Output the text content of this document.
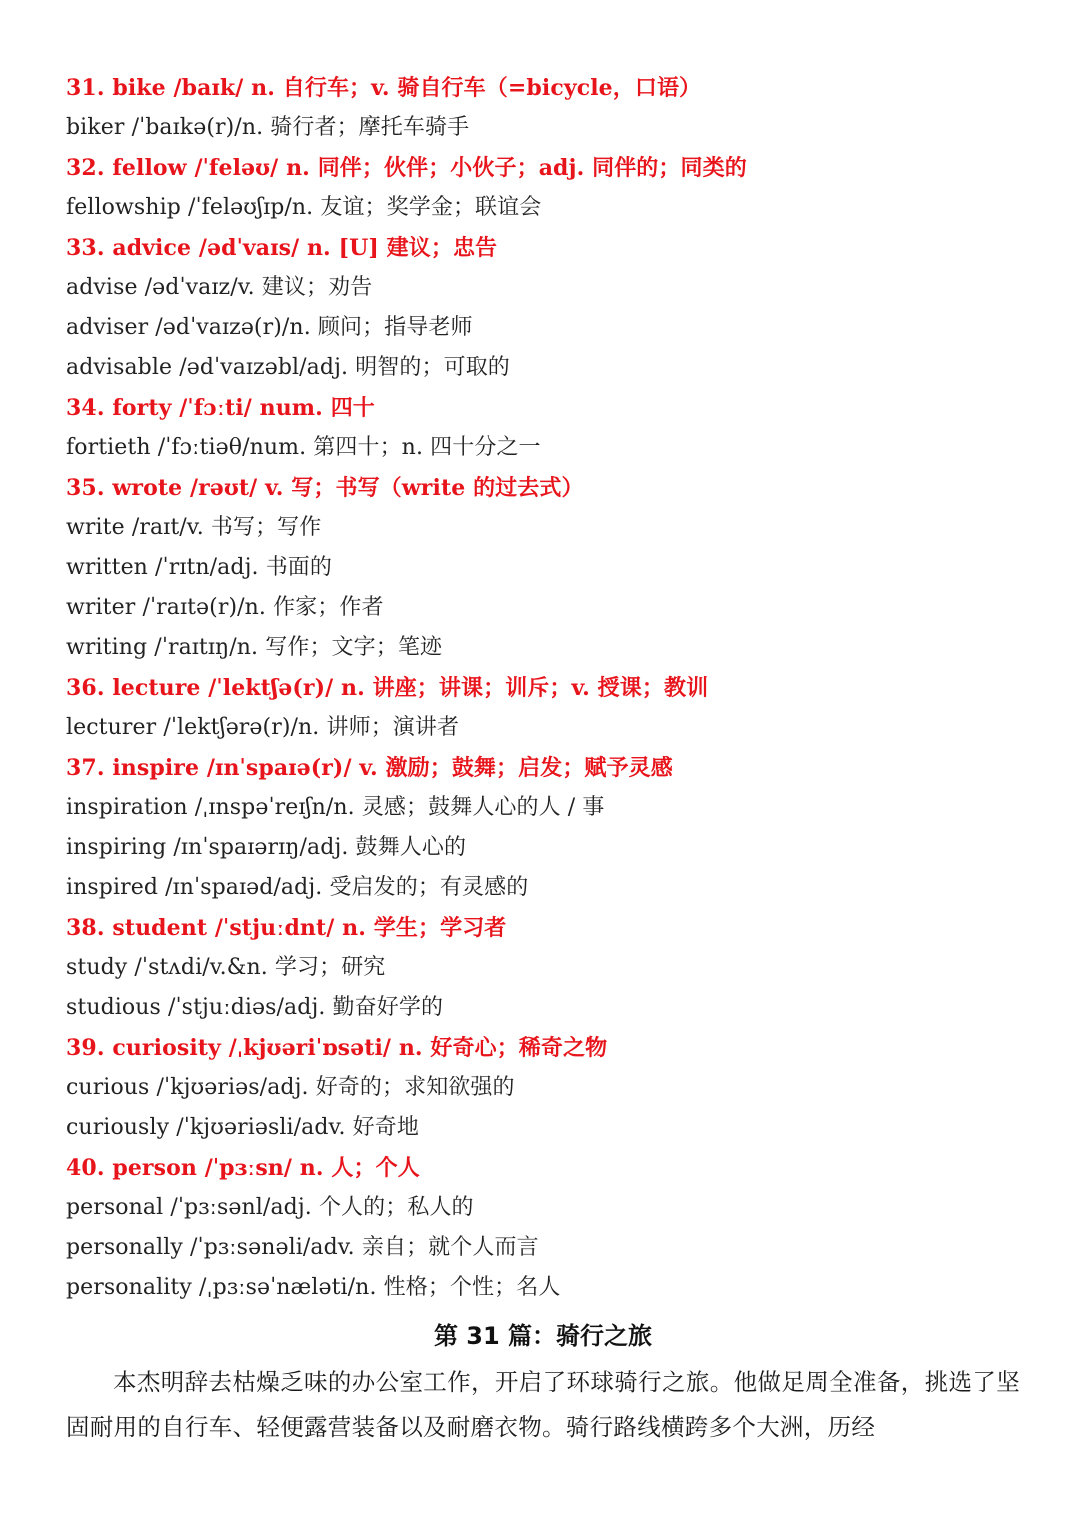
31. bike /baɪk/ n. 自行车；v. 骑自行车（=bicycle，口语）
biker /ˈbaɪkə(r)/n. 骑行者；摩托车骑手
32. fellow /ˈfeləʊ/ n. 同伴；伙伴；小伙子；adj. 同伴的；同类的
fellowship /ˈfeləʊʃɪp/n. 友谊；奖学金；联谊会
33. advice /ədˈvaɪs/ n. [U] 建议；忠告
advise /ədˈvaɪz/v. 建议；劝告
adviser /ədˈvaɪzə(r)/n. 顾问；指导老师
advisable /ədˈvaɪzəbl/adj. 明智的；可取的
34. forty /ˈfɔːti/ num. 四十
fortieth /ˈfɔːtiəθ/num. 第四十；n. 四十分之一
35. wrote /rəʊt/ v. 写；书写（write 的过去式）
write /raɪt/v. 书写；写作
written /ˈrɪtn/adj. 书面的
writer /ˈraɪtə(r)/n. 作家；作者
writing /ˈraɪtɪŋ/n. 写作；文字；笔迹
36. lecture /ˈlektʃə(r)/ n. 讲座；讲课；训斥；v. 授课；教训
lecturer /ˈlektʃərə(r)/n. 讲师；演讲者
37. inspire /ɪnˈspaɪə(r)/ v. 激励；鼓舞；启发；赋予灵感
inspiration /ˌɪnspəˈreɪʃn/n. 灵感；鼓舞人心的人 / 事
inspiring /ɪnˈspaɪərɪŋ/adj. 鼓舞人心的
inspired /ɪnˈspaɪəd/adj. 受启发的；有灵感的
38. student /ˈstjuːdnt/ n. 学生；学习者
study /ˈstʌdi/v.&n. 学习；研究
studious /ˈstjuːdiəs/adj. 勤奋好学的
39. curiosity /ˌkjʊəriˈɒsəti/ n. 好奇心；稀奇之物
curious /ˈkjʊəriəs/adj. 好奇的；求知欲强的
curiously /ˈkjʊəriəsli/adv. 好奇地
40. person /ˈpɜːsn/ n. 人；个人
personal /ˈpɜːsənl/adj. 个人的；私人的
personally /ˈpɜːsənəli/adv. 亲自；就个人而言
personality /ˌpɜːsəˈnæləti/n. 性格；个性；名人
第 31 篇：骑行之旅

本杰明辞去枯燥乏味的办公室工作，开启了环球骑行之旅。他做足周全准备，挑选了坚固耐用的自行车、轻便露营装备以及耐磨衣物。骑行路线横跨多个大洲，历经
